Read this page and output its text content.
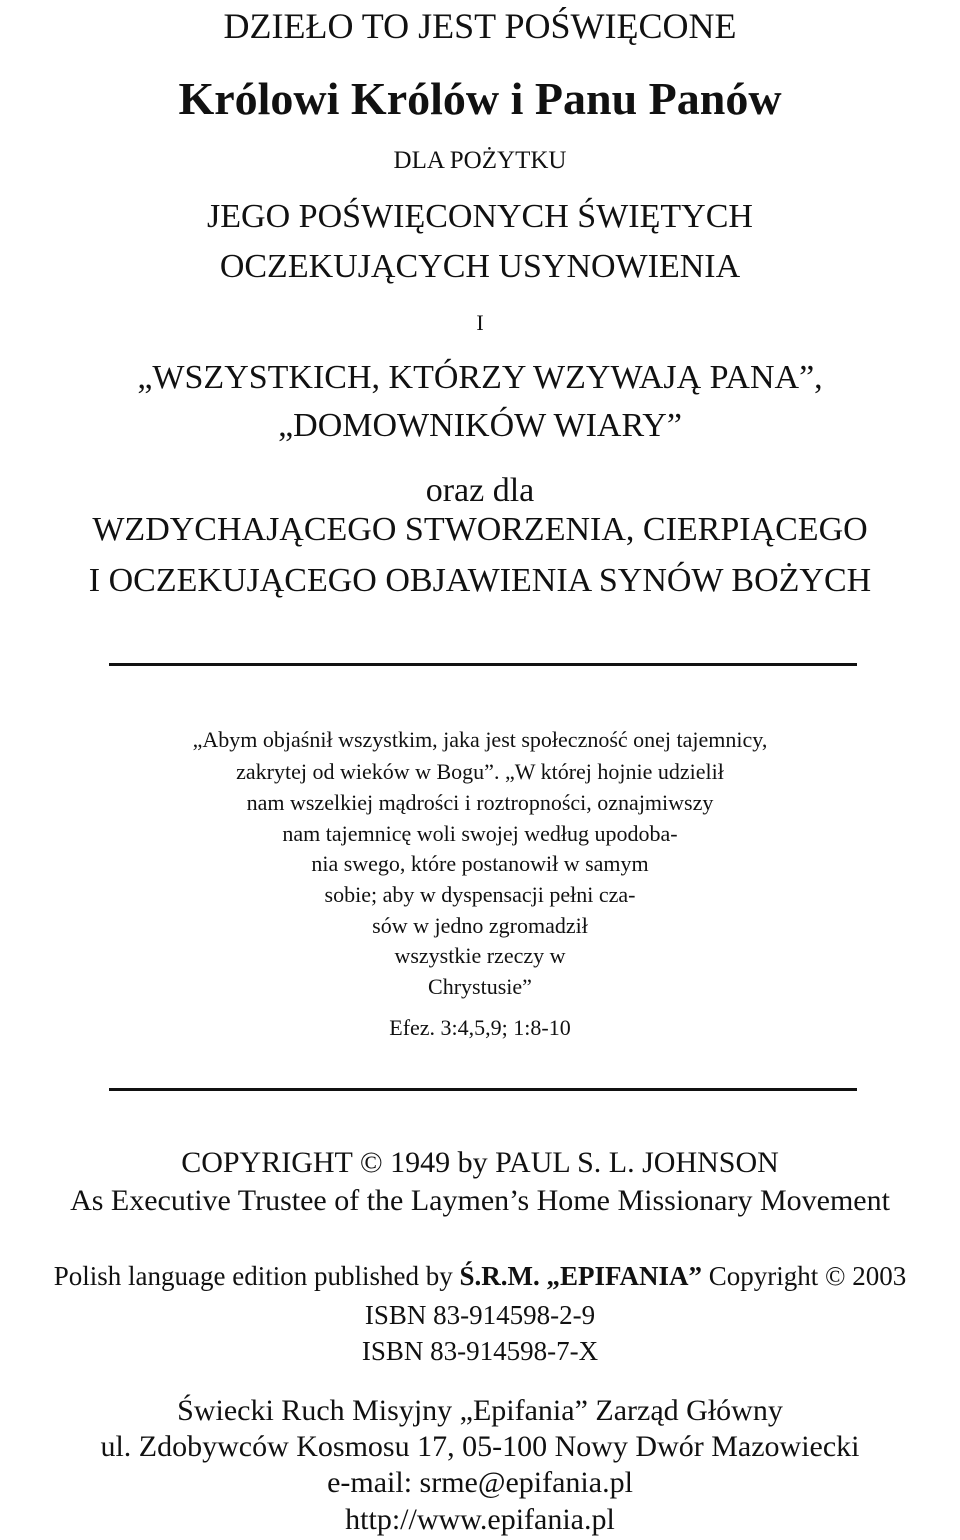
DZIEŁO TO JEST POŚWIĘCONE
Królowi Królów i Panu Panów
DLA POŻYTKU
JEGO POŚWIĘCONYCH ŚWIĘTYCH
OCZEKUJĄCYCH USYNOWIENIA
I
„WSZYSTKICH, KTÓRZY WZYWAJĄ PANA”,
„DOMOWNIKÓW WIARY”
oraz dla
WZDYCHAJĄCEGO STWORZENIA, CIERPIĄCEGO
I OCZEKUJĄCEGO OBJAWIENIA SYNÓW BOŻYCH
„Abym objaśnił wszystkim, jaka jest społeczność onej tajemnicy,
zakrytej od wieków w Bogu”. „W której hojnie udzielił
nam wszelkiej mądrości i roztropności, oznajmiwszy
nam tajemnicę woli swojej według upodoba-
nia swego, które postanowił w samym
sobie; aby w dyspensacji pełni cza-
sów w jedno zgromadził
wszystkie rzeczy w
Chrystusie”
Efez. 3:4,5,9; 1:8-10
COPYRIGHT © 1949 by PAUL S. L. JOHNSON
As Executive Trustee of the Laymen’s Home Missionary Movement
Polish language edition published by Ś.R.M. „EPIFANIA” Copyright © 2003
ISBN 83-914598-2-9
ISBN 83-914598-7-X
Świecki Ruch Misyjny „Epifania” Zarząd Główny
ul. Zdobywców Kosmosu 17, 05-100 Nowy Dwór Mazowiecki
e-mail: srme@epifania.pl
http://www.epifania.pl
